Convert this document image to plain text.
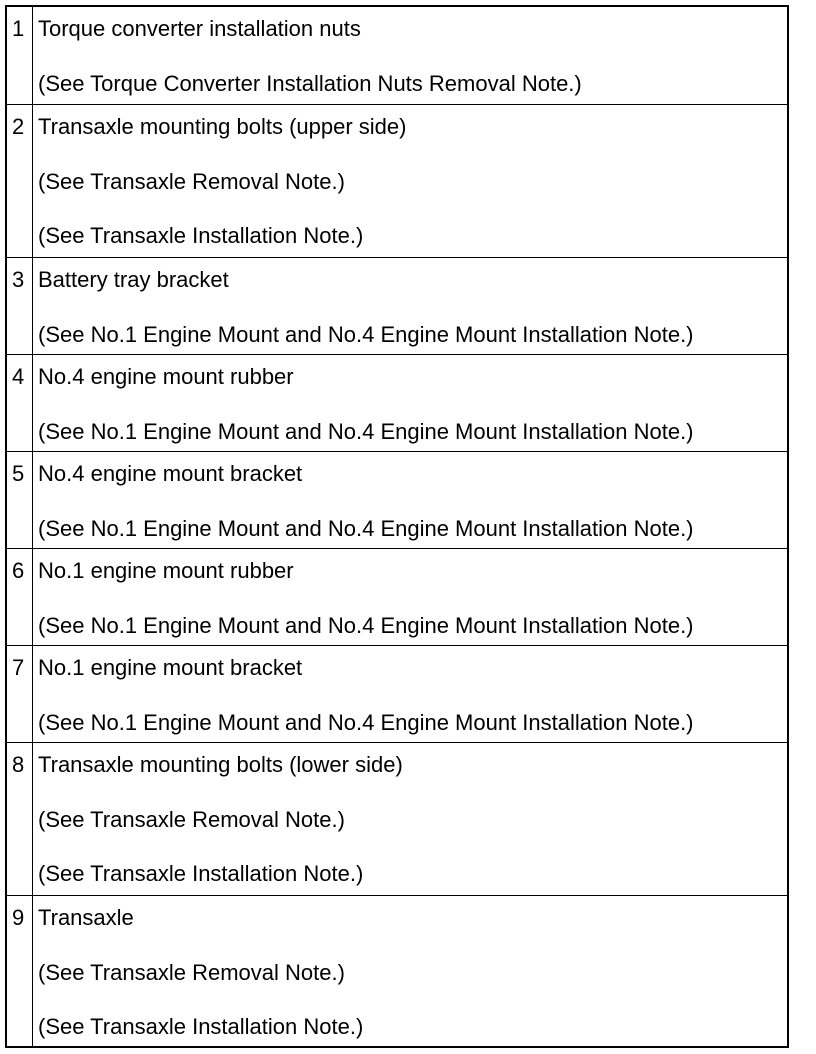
1 Torque converter installation nuts
(See Torque Converter Installation Nuts Removal Note.)
2 Transaxle mounting bolts (upper side)
(See Transaxle Removal Note.)
(See Transaxle Installation Note.)
3 Battery tray bracket
(See No.1 Engine Mount and No.4 Engine Mount Installation Note.)
4 No.4 engine mount rubber
(See No.1 Engine Mount and No.4 Engine Mount Installation Note.)
5 No.4 engine mount bracket
(See No.1 Engine Mount and No.4 Engine Mount Installation Note.)
6 No.1 engine mount rubber
(See No.1 Engine Mount and No.4 Engine Mount Installation Note.)
7 No.1 engine mount bracket
(See No.1 Engine Mount and No.4 Engine Mount Installation Note.)
8 Transaxle mounting bolts (lower side)
(See Transaxle Removal Note.)
(See Transaxle Installation Note.)
9 Transaxle
(See Transaxle Removal Note.)
(See Transaxle Installation Note.)
